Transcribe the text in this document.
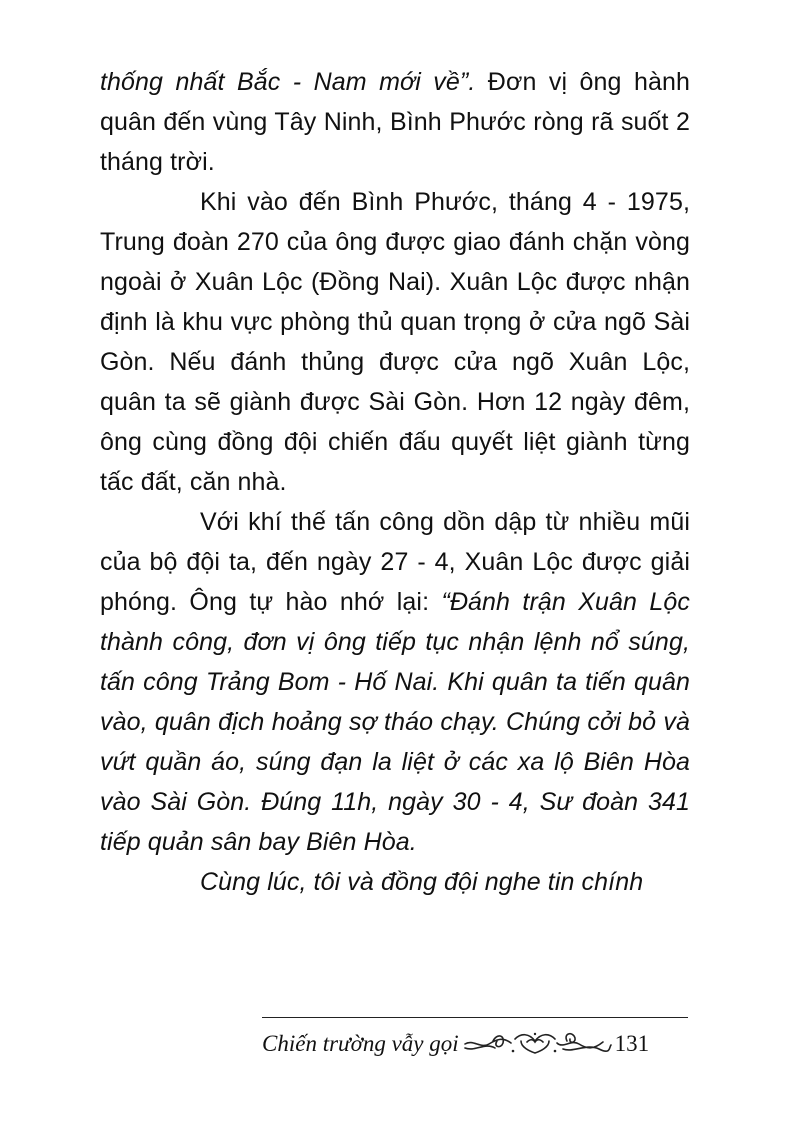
thống nhất Bắc - Nam mới về”. Đơn vị ông hành quân đến vùng Tây Ninh, Bình Phước ròng rã suốt 2 tháng trời.

Khi vào đến Bình Phước, tháng 4 - 1975, Trung đoàn 270 của ông được giao đánh chặn vòng ngoài ở Xuân Lộc (Đồng Nai). Xuân Lộc được nhận định là khu vực phòng thủ quan trọng ở cửa ngõ Sài Gòn. Nếu đánh thủng được cửa ngõ Xuân Lộc, quân ta sẽ giành được Sài Gòn. Hơn 12 ngày đêm, ông cùng đồng đội chiến đấu quyết liệt giành từng tấc đất, căn nhà.

Với khí thế tấn công dồn dập từ nhiều mũi của bộ đội ta, đến ngày 27 - 4, Xuân Lộc được giải phóng. Ông tự hào nhớ lại: “Đánh trận Xuân Lộc thành công, đơn vị ông tiếp tục nhận lệnh nổ súng, tấn công Trảng Bom - Hố Nai. Khi quân ta tiến quân vào, quân địch hoảng sợ tháo chạy. Chúng cởi bỏ và vứt quần áo, súng đạn la liệt ở các xa lộ Biên Hòa vào Sài Gòn. Đúng 11h, ngày 30 - 4, Sư đoàn 341 tiếp quản sân bay Biên Hòa.

Cùng lúc, tôi và đồng đội nghe tin chính

Chiến trường vẫy gọi	131
